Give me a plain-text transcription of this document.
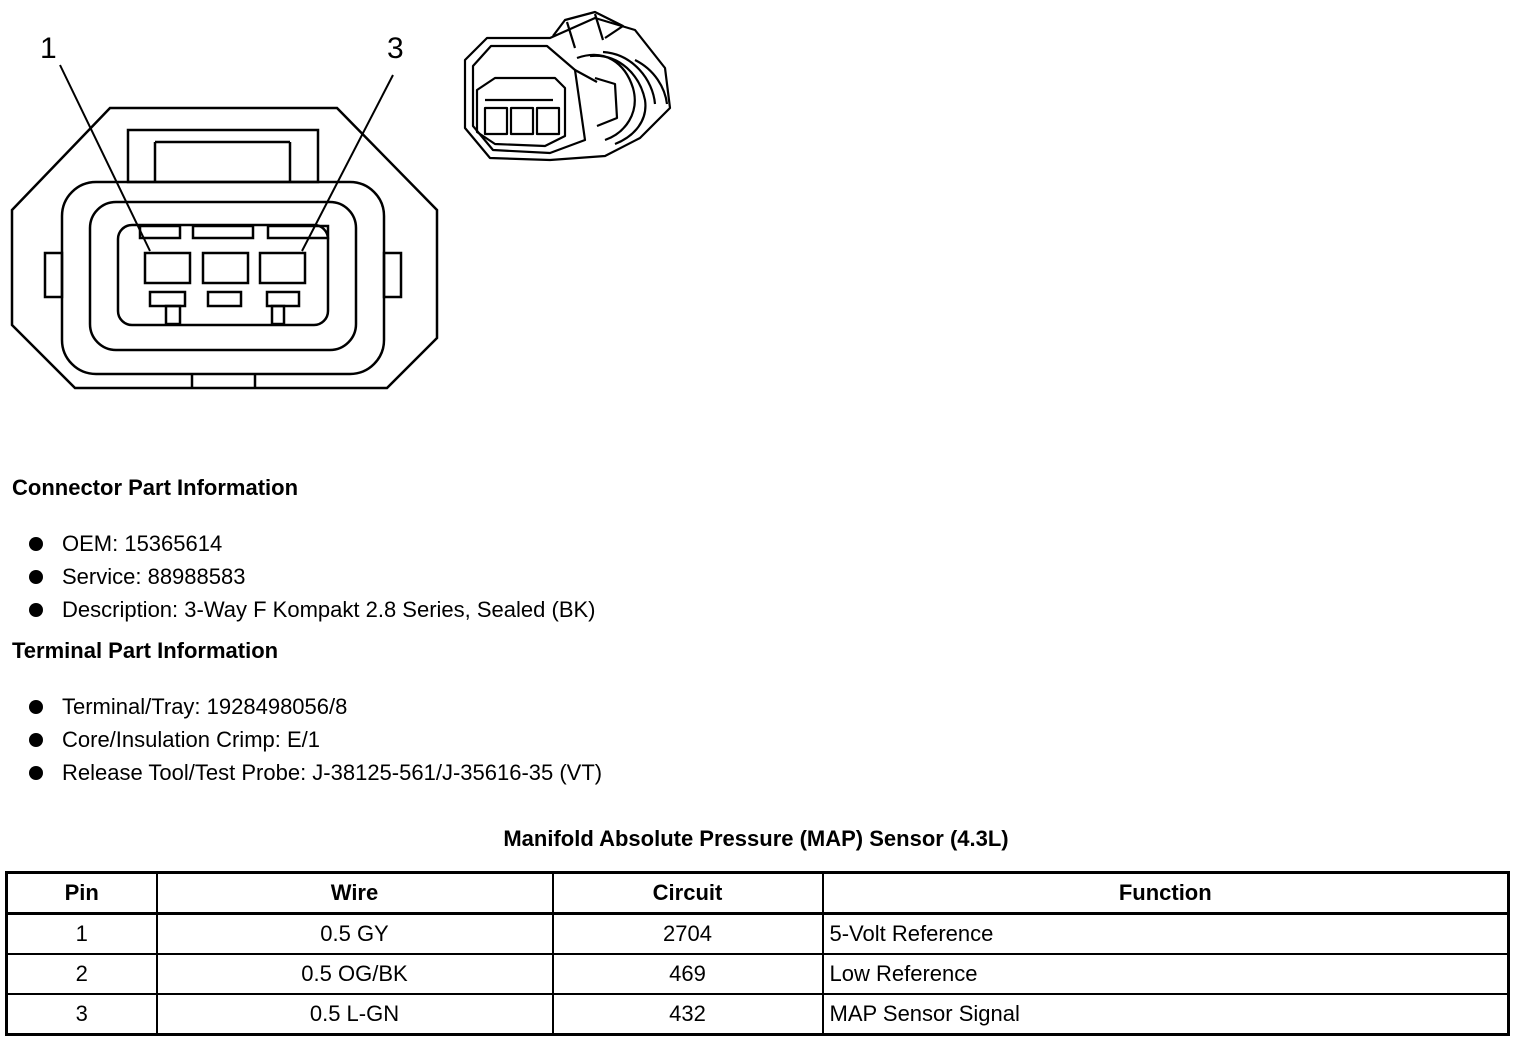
1	3
Connector Part Information
OEM: 15365614
Service: 88988583
Description: 3-Way F Kompakt 2.8 Series, Sealed (BK)
Terminal Part Information
Terminal/Tray: 1928498056/8
Core/Insulation Crimp: E/1
Release Tool/Test Probe: J-38125-561/J-35616-35 (VT)
Manifold Absolute Pressure (MAP) Sensor (4.3L)
Pin	Wire	Circuit	Function
1	0.5 GY	2704	5-Volt Reference
2	0.5 OG/BK	469	Low Reference
3	0.5 L-GN	432	MAP Sensor Signal
